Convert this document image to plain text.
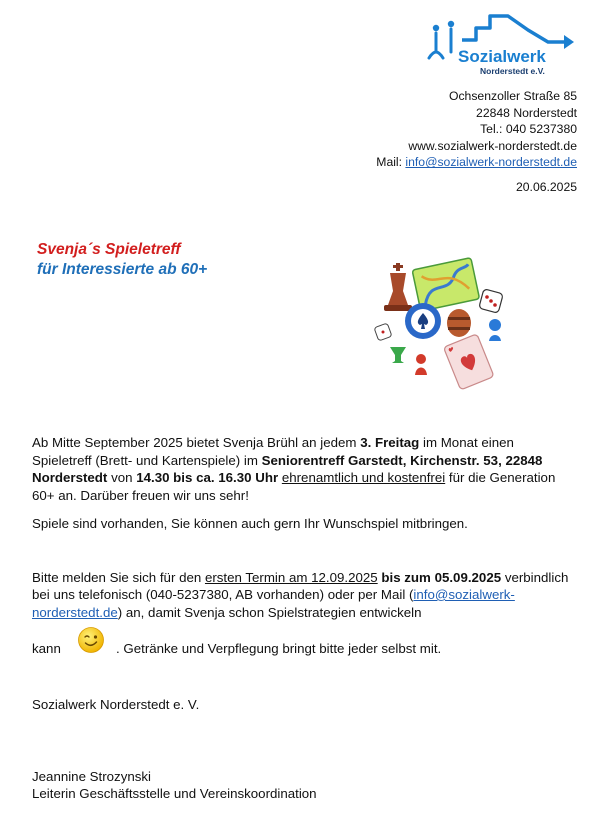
Sozialwerk
Norderstedt e.V.
Ochsenzoller Straße 85
22848 Norderstedt
Tel.: 040 5237380
www.sozialwerk-norderstedt.de
Mail: info@sozialwerk-norderstedt.de
20.06.2025
Svenja´s Spieletreff
für Interessierte ab 60+

Ab Mitte September 2025 bietet Svenja Brühl an jedem 3. Freitag im Monat einen Spieletreff (Brett- und Kartenspiele) im Seniorentreff Garstedt, Kirchenstr. 53, 22848 Norderstedt von 14.30 bis ca. 16.30 Uhr ehrenamtlich und kostenfrei für die Generation 60+ an. Darüber freuen wir uns sehr!

Spiele sind vorhanden, Sie können auch gern Ihr Wunschspiel mitbringen.

Bitte melden Sie sich für den ersten Termin am 12.09.2025 bis zum 05.09.2025 verbindlich bei uns telefonisch (040-5237380, AB vorhanden) oder per Mail (info@sozialwerk-norderstedt.de) an, damit Svenja schon Spielstrategien entwickeln

kann	. Getränke und Verpflegung bringt bitte jeder selbst mit.
Sozialwerk Norderstedt e. V.
Jeannine Strozynski
Leiterin Geschäftsstelle und Vereinskoordination
